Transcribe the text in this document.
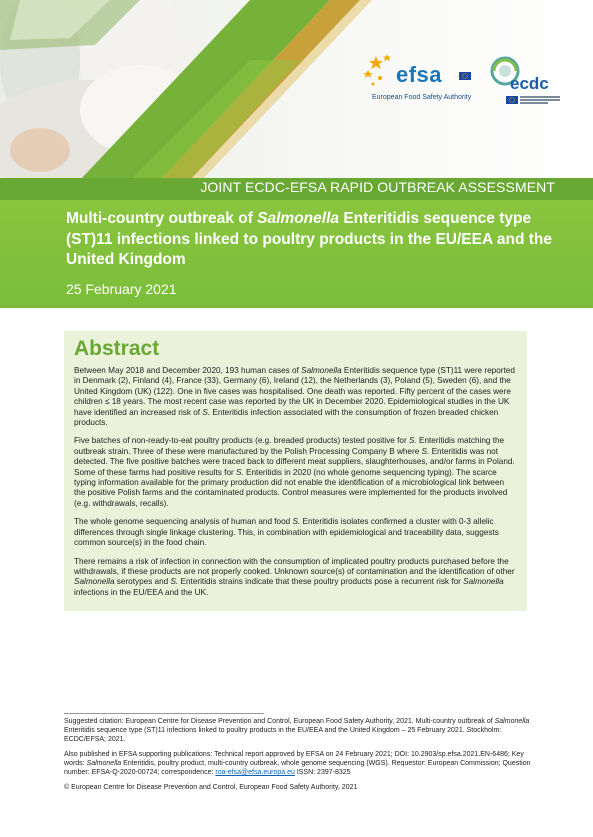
efsa
European Food Safety Authority
ecdc
JOINT ECDC-EFSA RAPID OUTBREAK ASSESSMENT
Multi-country outbreak of Salmonella Enteritidis sequence type (ST)11 infections linked to poultry products in the EU/EEA and the United Kingdom
25 February 2021
Abstract

Between May 2018 and December 2020, 193 human cases of Salmonella Enteritidis sequence type (ST)11 were reported in Denmark (2), Finland (4), France (33), Germany (6), Ireland (12), the Netherlands (3), Poland (5), Sweden (6), and the United Kingdom (UK) (122). One in five cases was hospitalised. One death was reported. Fifty percent of the cases were children ≤ 18 years. The most recent case was reported by the UK in December 2020. Epidemiological studies in the UK have identified an increased risk of S. Enteritidis infection associated with the consumption of frozen breaded chicken products.

Five batches of non-ready-to-eat poultry products (e.g. breaded products) tested positive for S. Enteritidis matching the outbreak strain. Three of these were manufactured by the Polish Processing Company B where S. Enteritidis was not detected. The five positive batches were traced back to different meat suppliers, slaughterhouses, and/or farms in Poland. Some of these farms had positive results for S. Enteritidis in 2020 (no whole genome sequencing typing). The scarce typing information available for the primary production did not enable the identification of a microbiological link between the positive Polish farms and the contaminated products. Control measures were implemented for the products involved (e.g. withdrawals, recalls).

The whole genome sequencing analysis of human and food S. Enteritidis isolates confirmed a cluster with 0-3 allelic differences through single linkage clustering. This, in combination with epidemiological and traceability data, suggests common source(s) in the food chain.

There remains a risk of infection in connection with the consumption of implicated poultry products purchased before the withdrawals, if these products are not properly cooked. Unknown source(s) of contamination and the identification of other Salmonella serotypes and S. Enteritidis strains indicate that these poultry products pose a recurrent risk for Salmonella infections in the EU/EEA and the UK.

Suggested citation: European Centre for Disease Prevention and Control, European Food Safety Authority, 2021. Multi-country outbreak of Salmonella Enteritidis sequence type (ST)11 infections linked to poultry products in the EU/EEA and the United Kingdom – 25 February 2021. Stockholm: ECDC/EFSA; 2021.

Also published in EFSA supporting publications: Technical report approved by EFSA on 24 February 2021; DOI: 10.2903/sp.efsa.2021.EN-6486; Key words: Salmonella Enteritidis, poultry product, multi-country outbreak, whole genome sequencing (WGS). Requestor: European Commission; Question number: EFSA-Q-2020-00724; correspondence: roa-efsa@efsa.europa.eu ISSN: 2397-8325

© European Centre for Disease Prevention and Control, European Food Safety Authority, 2021
